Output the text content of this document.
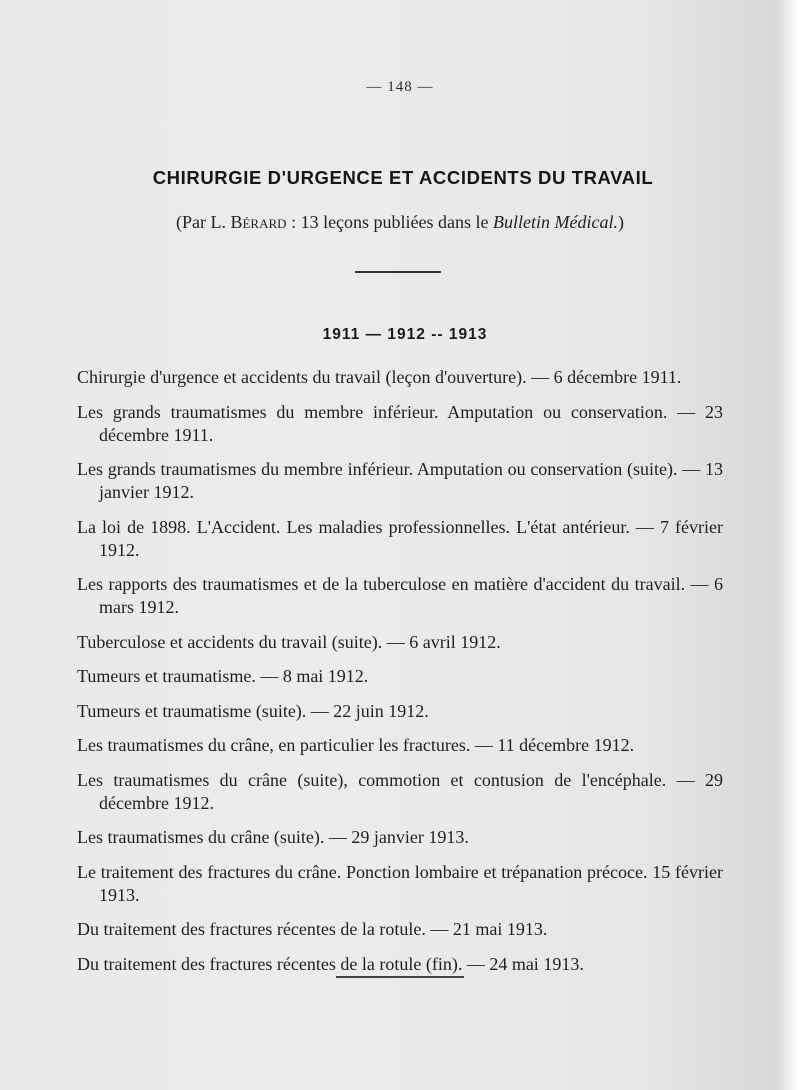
— 148 —
CHIRURGIE D'URGENCE ET ACCIDENTS DU TRAVAIL
(Par L. Bérard : 13 leçons publiées dans le Bulletin Médical.)
1911 — 1912 -- 1913
Chirurgie d'urgence et accidents du travail (leçon d'ouverture). — 6 décembre 1911.
Les grands traumatismes du membre inférieur. Amputation ou conservation. — 23 décembre 1911.
Les grands traumatismes du membre inférieur. Amputation ou conservation (suite). — 13 janvier 1912.
La loi de 1898. L'Accident. Les maladies professionnelles. L'état antérieur. — 7 février 1912.
Les rapports des traumatismes et de la tuberculose en matière d'accident du travail. — 6 mars 1912.
Tuberculose et accidents du travail (suite). — 6 avril 1912.
Tumeurs et traumatisme. — 8 mai 1912.
Tumeurs et traumatisme (suite). — 22 juin 1912.
Les traumatismes du crâne, en particulier les fractures. — 11 décembre 1912.
Les traumatismes du crâne (suite), commotion et contusion de l'encéphale. — 29 décembre 1912.
Les traumatismes du crâne (suite). — 29 janvier 1913.
Le traitement des fractures du crâne. Ponction lombaire et trépanation précoce. 15 février 1913.
Du traitement des fractures récentes de la rotule. — 21 mai 1913.
Du traitement des fractures récentes de la rotule (fin). — 24 mai 1913.
